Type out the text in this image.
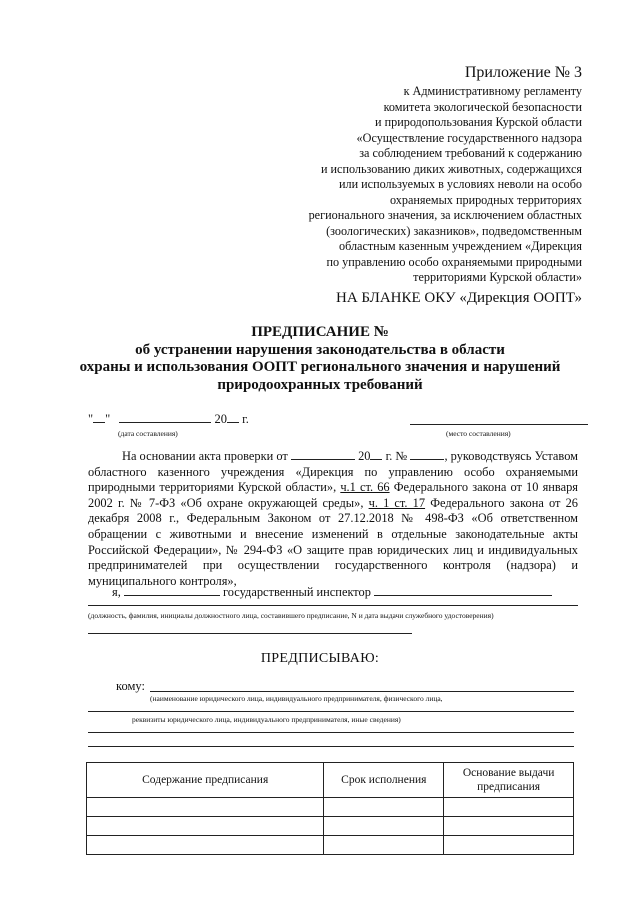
Приложение № 3
к Административному регламенту
комитета экологической безопасности
и природопользования Курской области
«Осуществление государственного надзора
за соблюдением требований к содержанию
и использованию диких животных, содержащихся
или используемых в условиях неволи на особо
охраняемых природных территориях
регионального значения, за исключением областных
(зоологических) заказников», подведомственным
областным казенным учреждением «Дирекция
по управлению особо охраняемыми природными
территориями Курской области»
НА БЛАНКЕ ОКУ «Дирекция ООПТ»
ПРЕДПИСАНИЕ №
об устранении нарушения законодательства в области
охраны и использования ООПТ регионального значения и нарушений
природоохранных требований
" "	20 г.
(дата составления)	(место составления)

На основании акта проверки от	20 г. №	, руководствуясь Уставом областного казенного учреждения «Дирекция по управлению особо охраняемыми природными территориями Курской области», ч.1 ст. 66 Федерального закона от 10 января 2002 г. № 7-ФЗ «Об охране окружающей среды», ч. 1 ст. 17 Федерального закона от 26 декабря 2008 г., Федеральным Законом от 27.12.2018 № 498-ФЗ «Об ответственном обращении с животными и внесение изменений в отдельные законодательные акты Российской Федерации», № 294-ФЗ «О защите прав юридических лиц и индивидуальных предпринимателей при осуществлении государственного контроля (надзора) и муниципального контроля»,

я,	государственный инспектор
(должность, фамилия, инициалы должностного лица, составившего предписание, N и дата выдачи служебного удостоверения)
ПРЕДПИСЫВАЮ:
кому:
(наименование юридического лица, индивидуального предпринимателя, физического лица,
реквизиты юридического лица, индивидуального предпринимателя, иные сведения)
Содержание предписания	Срок исполнения	Основание выдачи предписания
